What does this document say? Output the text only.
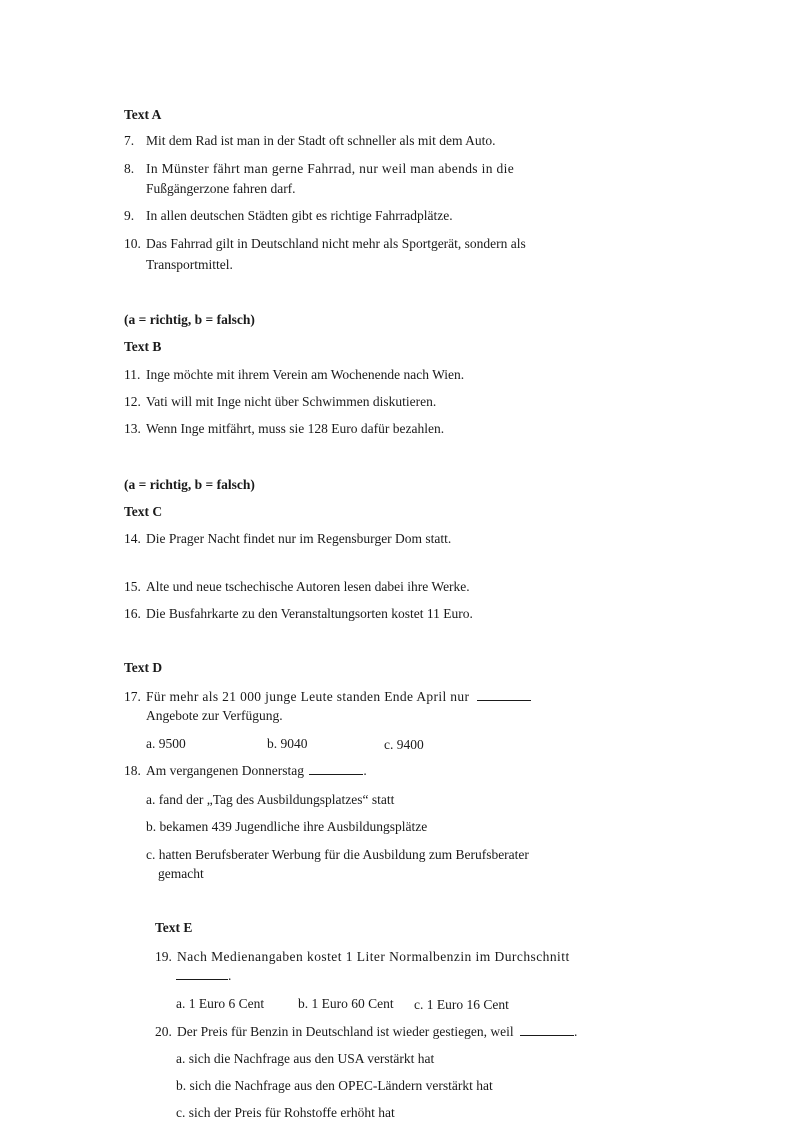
Text A
7. Mit dem Rad ist man in der Stadt oft schneller als mit dem Auto.
8. In Münster fährt man gerne Fahrrad, nur weil man abends in die
Fußgängerzone fahren darf.
9. In allen deutschen Städten gibt es richtige Fahrradplätze.
10. Das Fahrrad gilt in Deutschland nicht mehr als Sportgerät, sondern als
Transportmittel.
(a = richtig, b = falsch)
Text B
11. Inge möchte mit ihrem Verein am Wochenende nach Wien.
12. Vati will mit Inge nicht über Schwimmen diskutieren.
13. Wenn Inge mitfährt, muss sie 128 Euro dafür bezahlen.
(a = richtig, b = falsch)
Text C
14. Die Prager Nacht findet nur im Regensburger Dom statt.
15. Alte und neue tschechische Autoren lesen dabei ihre Werke.
16. Die Busfahrkarte zu den Veranstaltungsorten kostet 11 Euro.
Text D
17. Für mehr als 21 000 junge Leute standen Ende April nur
Angebote zur Verfügung.
a. 9500	b. 9040	c. 9400
18. Am vergangenen Donnerstag	.
a. fand der „Tag des Ausbildungsplatzes“ statt
b. bekamen 439 Jugendliche ihre Ausbildungsplätze
c. hatten Berufsberater Werbung für die Ausbildung zum Berufsberater
gemacht
Text E
19. Nach Medienangaben kostet 1 Liter Normalbenzin im Durchschnitt
.
a. 1 Euro 6 Cent	b. 1 Euro 60 Cent c. 1 Euro 16 Cent
20. Der Preis für Benzin in Deutschland ist wieder gestiegen, weil	.
a. sich die Nachfrage aus den USA verstärkt hat
b. sich die Nachfrage aus den OPEC-Ländern verstärkt hat
c. sich der Preis für Rohstoffe erhöht hat
